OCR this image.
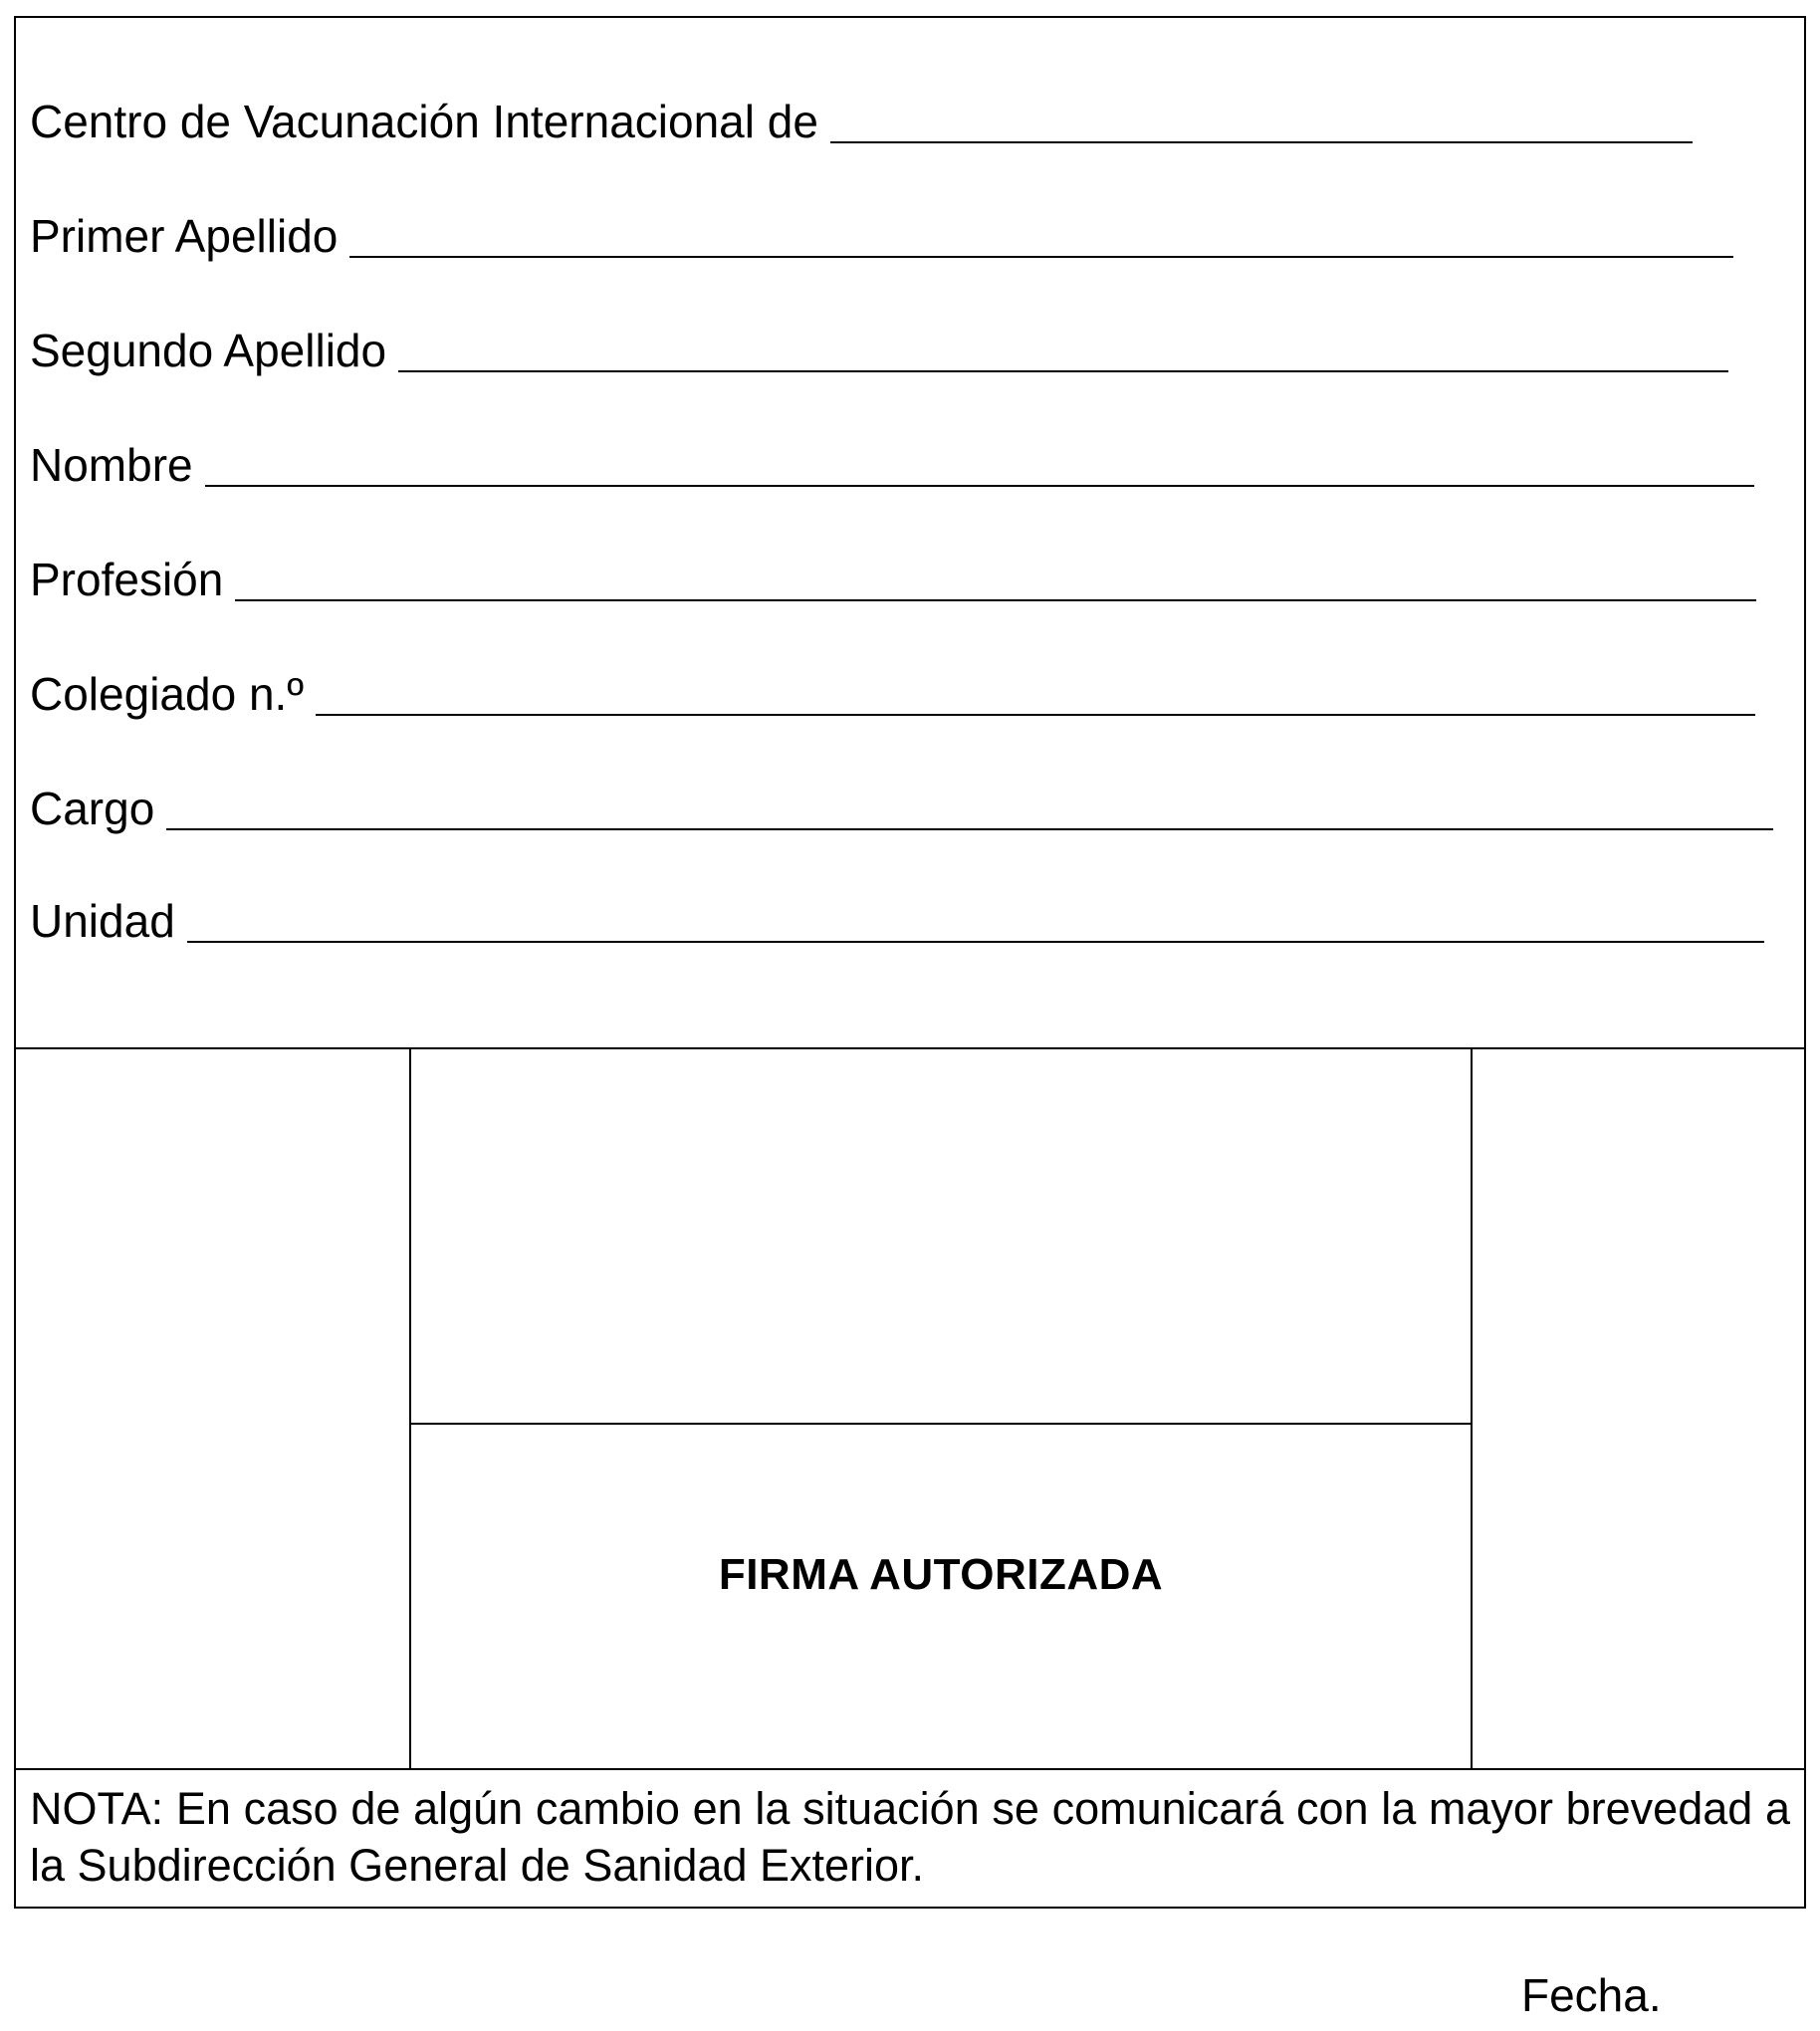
Centro de Vacunación Internacional de
Primer Apellido
Segundo Apellido
Nombre
Profesión
Colegiado n.º
Cargo
Unidad
FIRMA AUTORIZADA

NOTA: En caso de algún cambio en la situación se comunicará con la mayor brevedad a la Subdirección General de Sanidad Exterior.

Fecha.
